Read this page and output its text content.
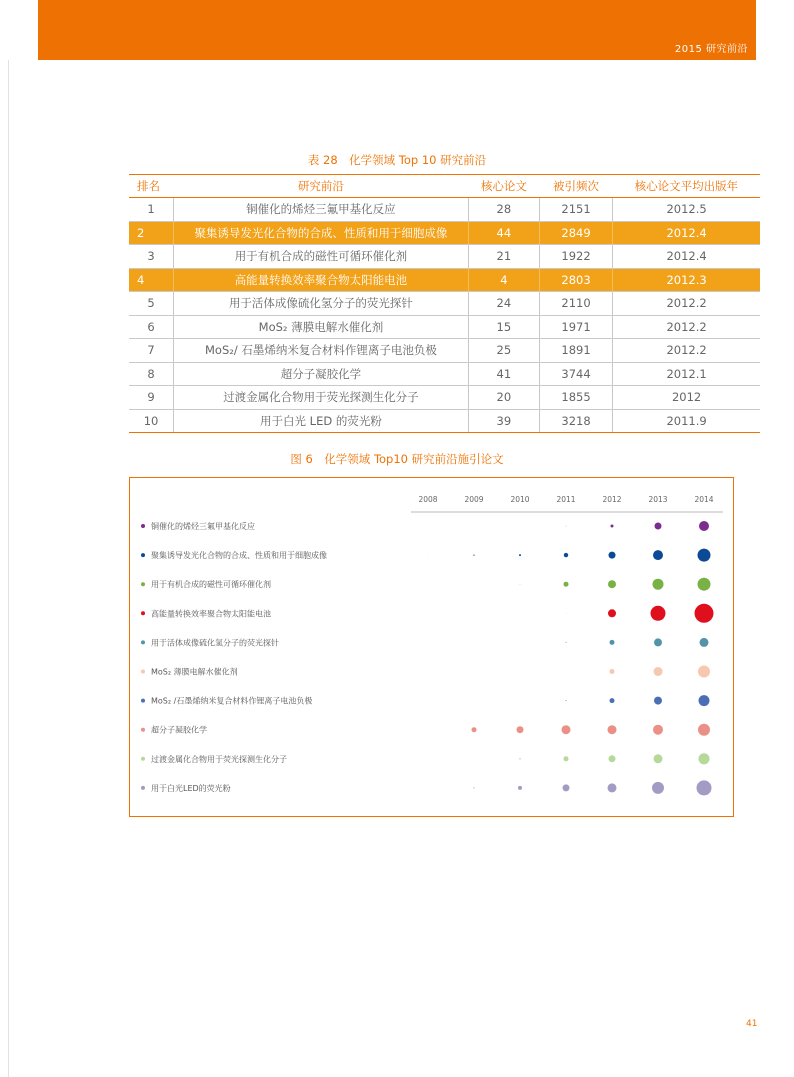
2015 研究前沿
表 28　化学领域 Top 10 研究前沿
排名	研究前沿	核心论文	被引频次	核心论文平均出版年
1	铜催化的烯烃三氟甲基化反应	28	2151	2012.5
2	聚集诱导发光化合物的合成、性质和用于细胞成像	44	2849	2012.4
3	用于有机合成的磁性可循环催化剂	21	1922	2012.4
4	高能量转换效率聚合物太阳能电池	4	2803	2012.3
5	用于活体成像硫化氢分子的荧光探针	24	2110	2012.2
6	MoS₂ 薄膜电解水催化剂	15	1971	2012.2
7	MoS₂/ 石墨烯纳米复合材料作锂离子电池负极	25	1891	2012.2
8	超分子凝胶化学	41	3744	2012.1
9	过渡金属化合物用于荧光探测生化分子	20	1855	2012
10	用于白光 LED 的荧光粉	39	3218	2011.9
图 6　化学领域 Top10 研究前沿施引论文
2008	2009	2010	2011	2012	2013	2014
铜催化的烯烃三氟甲基化反应
聚集诱导发光化合物的合成、性质和用于细胞成像
用于有机合成的磁性可循环催化剂
高能量转换效率聚合物太阳能电池
用于活体成像硫化氢分子的荧光探针
MoS₂ 薄膜电解水催化剂
MoS₂ /石墨烯纳米复合材料作锂离子电池负极
超分子凝胶化学
过渡金属化合物用于荧光探测生化分子
用于白光LED的荧光粉
41
